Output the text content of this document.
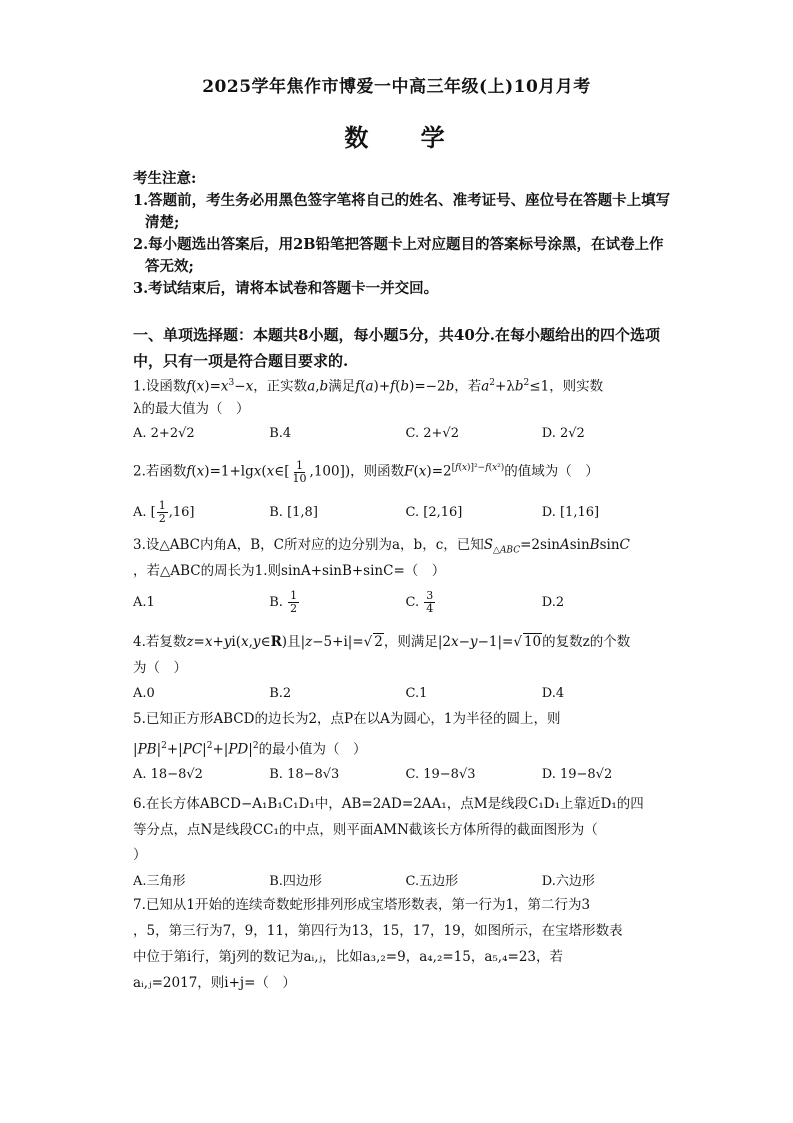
2025学年焦作市博爱一中高三年级(上)10月月考
数 学
考生注意:
1.答题前，考生务必用黑色签字笔将自己的姓名、准考证号、座位号在答题卡上填写清楚;
2.每小题选出答案后，用2B铅笔把答题卡上对应题目的答案标号涂黑，在试卷上作答无效;
3.考试结束后，请将本试卷和答题卡一并交回。
一、单项选择题：本题共8小题，每小题5分，共40分.在每小题给出的四个选项中，只有一项是符合题目要求的.
1.设函数$f(x)=x^3-x$，正实数a,b满足f(a)+f(b)=−2b，若$a^2+\lambda b^2\le 1$，则实数
λ的最大值为（　）
A. 2+2√2	B.4	C. 2+√2	D. 2√2
2.若函数f(x)=1+lgx(x∈[ $\frac{1}{10} ,100$])，则函数$F(x)=2^{[f(x)]^2-f(x^2)}$的值域为（　）
A. [ $\frac{1}{2} ,16$]	B. [1,8]	C. [2,16]	D. [1,16]
3.设△ABC内角A，B，C所对应的边分别为a，b，c，已知$S_{\triangle ABC}=2sinAsinBsinC$
，若△ABC的周长为1.则sinA+sinB+sinC=（　）
A.1	B.
$\frac{1}{2}$	C.
$\frac{3}{4}$	D.2
4.若复数z=x+yi(x,y∈R)且|z−5+i|=√ 2，则满足|2x−y−1|=√ 10的复数z的个数
为（　）
A.0	B.2	C.1	D.4
5.已知正方形ABCD的边长为2，点P在以A为圆心，1为半径的圆上，则
$|PB|^2+|PC|^2+|PD|^2$的最小值为（　）
A. 18−8√2	B. 18−8√3	C. 19−8√3	D. 19−8√2
6.在长方体ABCD−A₁B₁C₁D₁中，AB=2AD=2AA₁，点M是线段C₁D₁上靠近D₁的四
等分点，点N是线段CC₁的中点，则平面AMN截该长方体所得的截面图形为（
）
A.三角形	B.四边形	C.五边形	D.六边形
7.已知从1开始的连续奇数蛇形排列形成宝塔形数表，第一行为1，第二行为3
，5，第三行为7，9，11，第四行为13，15，17，19，如图所示，在宝塔形数表
中位于第i行，第j列的数记为aᵢ,ⱼ，比如a₃,₂=9，a₄,₂=15，a₅,₄=23，若
aᵢ,ⱼ=2017，则i+j=（　）
